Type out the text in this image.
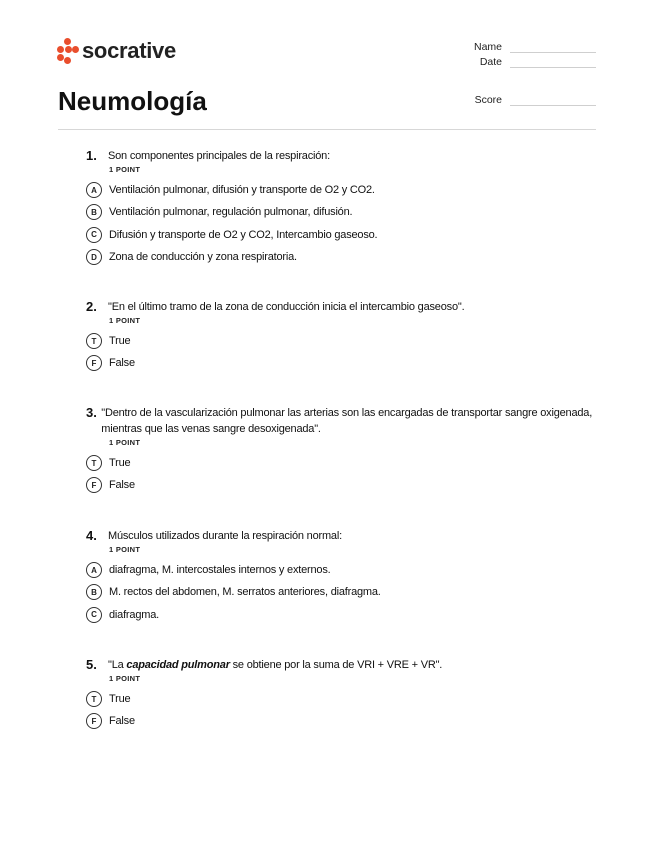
socrative
Neumología
Name
Date
Score
1.	Son componentes principales de la respiración:
1 POINT
A	Ventilación pulmonar, difusión y transporte de O2 y CO2.
B	Ventilación pulmonar, regulación pulmonar, difusión.
C	Difusión y transporte de O2 y CO2, Intercambio gaseoso.
D	Zona de conducción y zona respiratoria.
2.	"En el último tramo de la zona de conducción inicia el intercambio gaseoso".
1 POINT
T	True
F	False
3. "Dentro de la vascularización pulmonar las arterias son las encargadas de transportar sangre oxigenada, mientras que las venas sangre desoxigenada".
1 POINT
T	True
F	False
4.	Músculos utilizados durante la respiración normal:
1 POINT
A	diafragma, M. intercostales internos y externos.
B	M. rectos del abdomen, M. serratos anteriores, diafragma.
C	diafragma.
5.	"La capacidad pulmonar se obtiene por la suma de VRI + VRE + VR".
1 POINT
T	True
F	False
